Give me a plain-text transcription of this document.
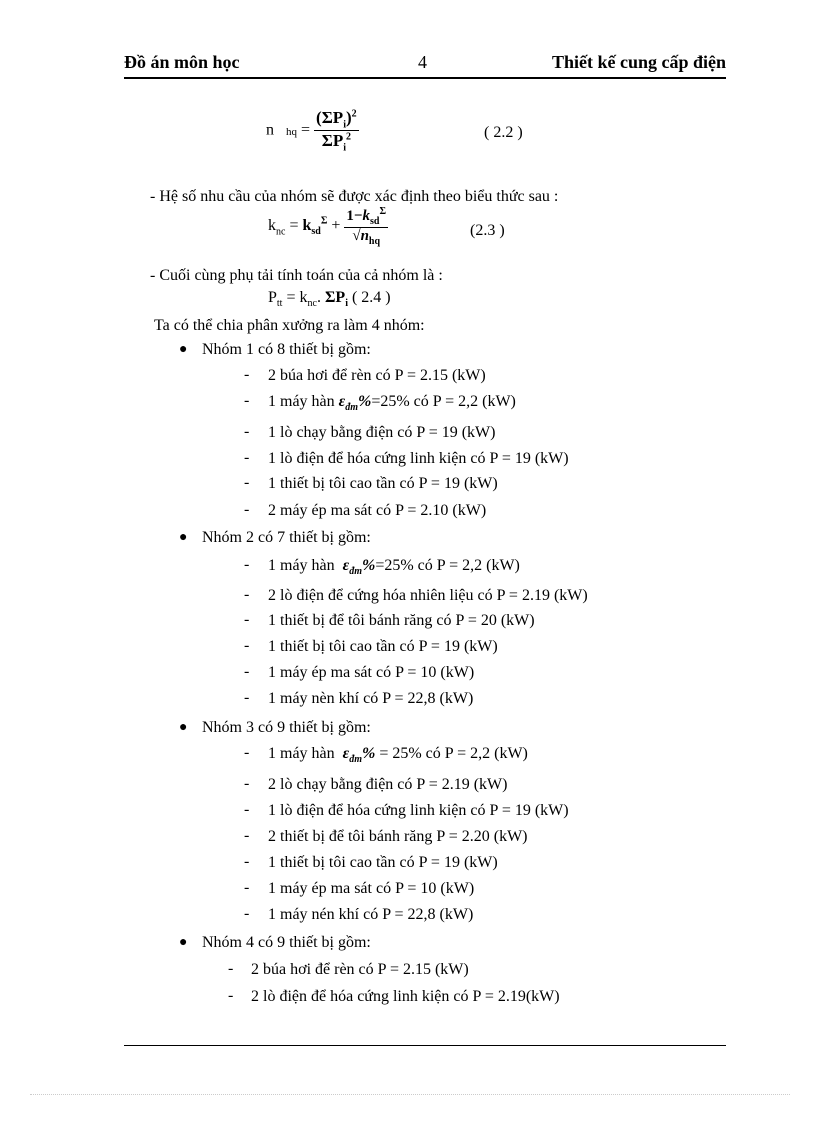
Đồ án môn học	4	Thiết kế cung cấp điện
n hq = $\frac{(\Sigma P_i)^2}{\Sigma P_i^2}$	( 2.2 )
- Hệ số nhu cầu của nhóm sẽ được xác định theo biểu thức sau :
$k_{nc} = k_{sd}^\Sigma + \frac{1-k_{sd}^\Sigma}{√n_{hq}}$	(2.3 )
- Cuối cùng phụ tải tính toán của cả nhóm là :
$P_{tt} = k_{nc}$. $\Sigma P_i$ ( 2.4 )
Ta có thể chia phân xưởng ra làm 4 nhóm:
● Nhóm 1 có 8 thiết bị gồm:
- 2 búa hơi để rèn có P = 2.15 (kW)
- 1 máy hàn $\varepsilon_{đm}\%=25\%$ có P = 2,2 (kW)
- 1 lò chạy bằng điện có P = 19 (kW)
- 1 lò điện để hóa cứng linh kiện có P = 19 (kW)
- 1 thiết bị tôi cao tần có P = 19 (kW)
- 2 máy ép ma sát có P = 2.10 (kW)
● Nhóm 2 có 7 thiết bị gồm:
- 1 máy hàn $\varepsilon_{đm}\%=25\%$ có P = 2,2 (kW)
- 2 lò điện để cứng hóa nhiên liệu có P = 2.19 (kW)
- 1 thiết bị để tôi bánh răng có P = 20 (kW)
- 1 thiết bị tôi cao tần có P = 19 (kW)
- 1 máy ép ma sát có P = 10 (kW)
- 1 máy nèn khí có P = 22,8 (kW)
● Nhóm 3 có 9 thiết bị gồm:
- 1 máy hàn $\varepsilon_{đm}\% = 25\%$ có P = 2,2 (kW)
- 2 lò chạy bằng điện có P = 2.19 (kW)
- 1 lò điện để hóa cứng linh kiện có P = 19 (kW)
- 2 thiết bị để tôi bánh răng P = 2.20 (kW)
- 1 thiết bị tôi cao tần có P = 19 (kW)
- 1 máy ép ma sát có P = 10 (kW)
- 1 máy nén khí có P = 22,8 (kW)
● Nhóm 4 có 9 thiết bị gồm:
- 2 búa hơi để rèn có P = 2.15 (kW)
- 2 lò điện để hóa cứng linh kiện có P = 2.19(kW)
